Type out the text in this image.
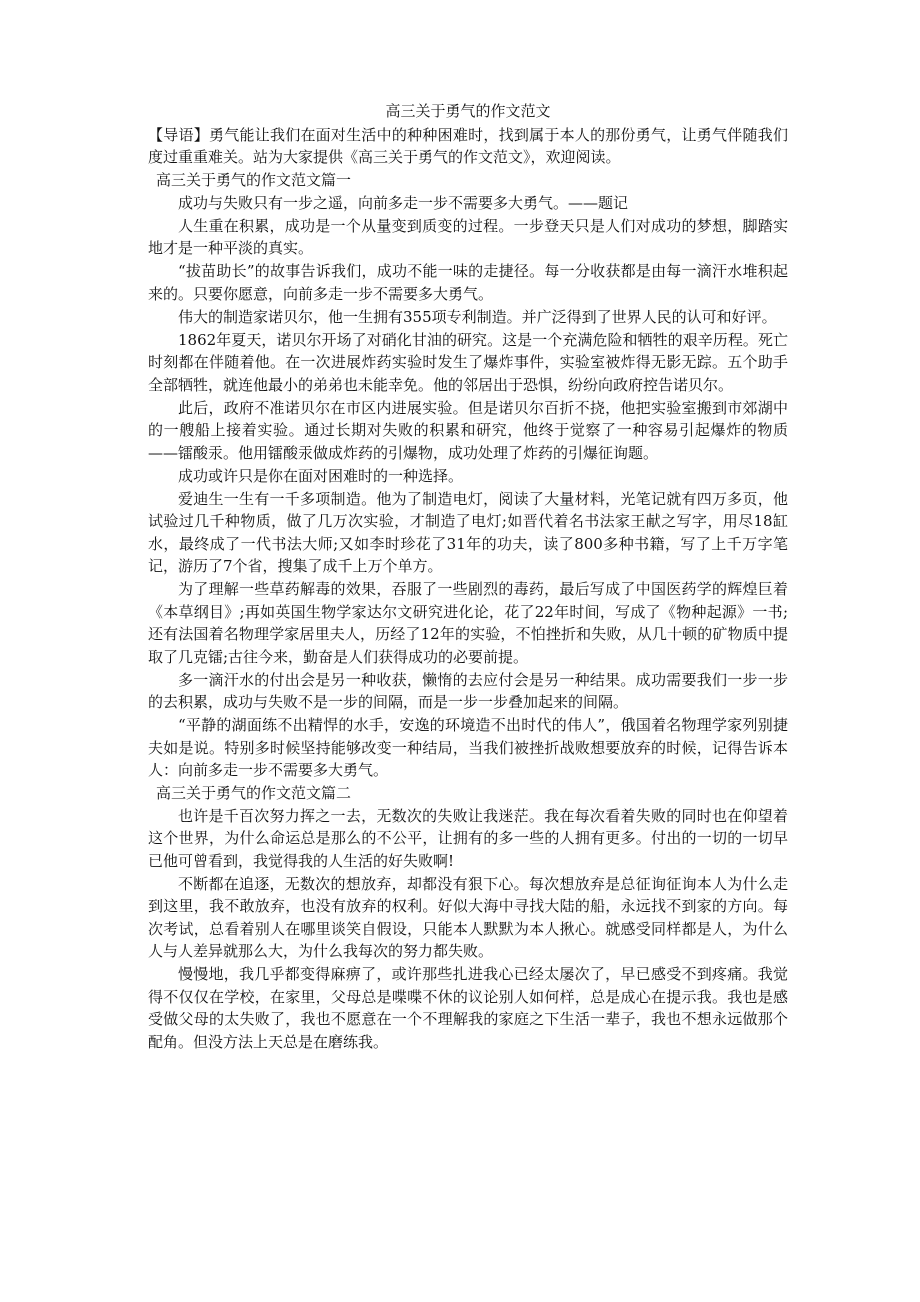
高三关于勇气的作文范文
【导语】勇气能让我们在面对生活中的种种困难时，找到属于本人的那份勇气，让勇气伴随我们度过重重难关。站为大家提供《高三关于勇气的作文范文》，欢迎阅读。
高三关于勇气的作文范文篇一
成功与失败只有一步之遥，向前多走一步不需要多大勇气。——题记
人生重在积累，成功是一个从量变到质变的过程。一步登天只是人们对成功的梦想，脚踏实地才是一种平淡的真实。
“拔苗助长”的故事告诉我们，成功不能一味的走捷径。每一分收获都是由每一滴汗水堆积起来的。只要你愿意，向前多走一步不需要多大勇气。
伟大的制造家诺贝尔，他一生拥有355项专利制造。并广泛得到了世界人民的认可和好评。
1862年夏天，诺贝尔开场了对硝化甘油的研究。这是一个充满危险和牺牲的艰辛历程。死亡时刻都在伴随着他。在一次进展炸药实验时发生了爆炸事件，实验室被炸得无影无踪。五个助手全部牺牲，就连他最小的弟弟也未能幸免。他的邻居出于恐惧，纷纷向政府控告诺贝尔。
此后，政府不准诺贝尔在市区内进展实验。但是诺贝尔百折不挠，他把实验室搬到市郊湖中的一艘船上接着实验。通过长期对失败的积累和研究，他终于觉察了一种容易引起爆炸的物质——镭酸汞。他用镭酸汞做成炸药的引爆物，成功处理了炸药的引爆征询题。
成功或许只是你在面对困难时的一种选择。
爱迪生一生有一千多项制造。他为了制造电灯，阅读了大量材料，光笔记就有四万多页，他试验过几千种物质，做了几万次实验，才制造了电灯;如晋代着名书法家王献之写字，用尽18缸水，最终成了一代书法大师;又如李时珍花了31年的功夫，读了800多种书籍，写了上千万字笔记，游历了7个省，搜集了成千上万个单方。
为了理解一些草药解毒的效果，吞服了一些剧烈的毒药，最后写成了中国医药学的辉煌巨着《本草纲目》;再如英国生物学家达尔文研究进化论，花了22年时间，写成了《物种起源》一书;还有法国着名物理学家居里夫人，历经了12年的实验，不怕挫折和失败，从几十顿的矿物质中提取了几克镭;古往今来，勤奋是人们获得成功的必要前提。
多一滴汗水的付出会是另一种收获，懒惰的去应付会是另一种结果。成功需要我们一步一步的去积累，成功与失败不是一步的间隔，而是一步一步叠加起来的间隔。
“平静的湖面练不出精悍的水手，安逸的环境造不出时代的伟人”，俄国着名物理学家列别捷夫如是说。特别多时候坚持能够改变一种结局，当我们被挫折战败想要放弃的时候，记得告诉本人：向前多走一步不需要多大勇气。
高三关于勇气的作文范文篇二
也许是千百次努力挥之一去，无数次的失败让我迷茫。我在每次看着失败的同时也在仰望着这个世界，为什么命运总是那么的不公平，让拥有的多一些的人拥有更多。付出的一切的一切早已他可曾看到，我觉得我的人生活的好失败啊!
不断都在追逐，无数次的想放弃，却都没有狠下心。每次想放弃是总征询征询本人为什么走到这里，我不敢放弃，也没有放弃的权利。好似大海中寻找大陆的船，永远找不到家的方向。每次考试，总看着别人在哪里谈笑自假设，只能本人默默为本人揪心。就感受同样都是人，为什么人与人差异就那么大，为什么我每次的努力都失败。
慢慢地，我几乎都变得麻痹了，或许那些扎进我心已经太屡次了，早已感受不到疼痛。我觉得不仅仅在学校，在家里，父母总是喋喋不休的议论别人如何样，总是成心在提示我。我也是感受做父母的太失败了，我也不愿意在一个不理解我的家庭之下生活一辈子，我也不想永远做那个配角。但没方法上天总是在磨练我。
